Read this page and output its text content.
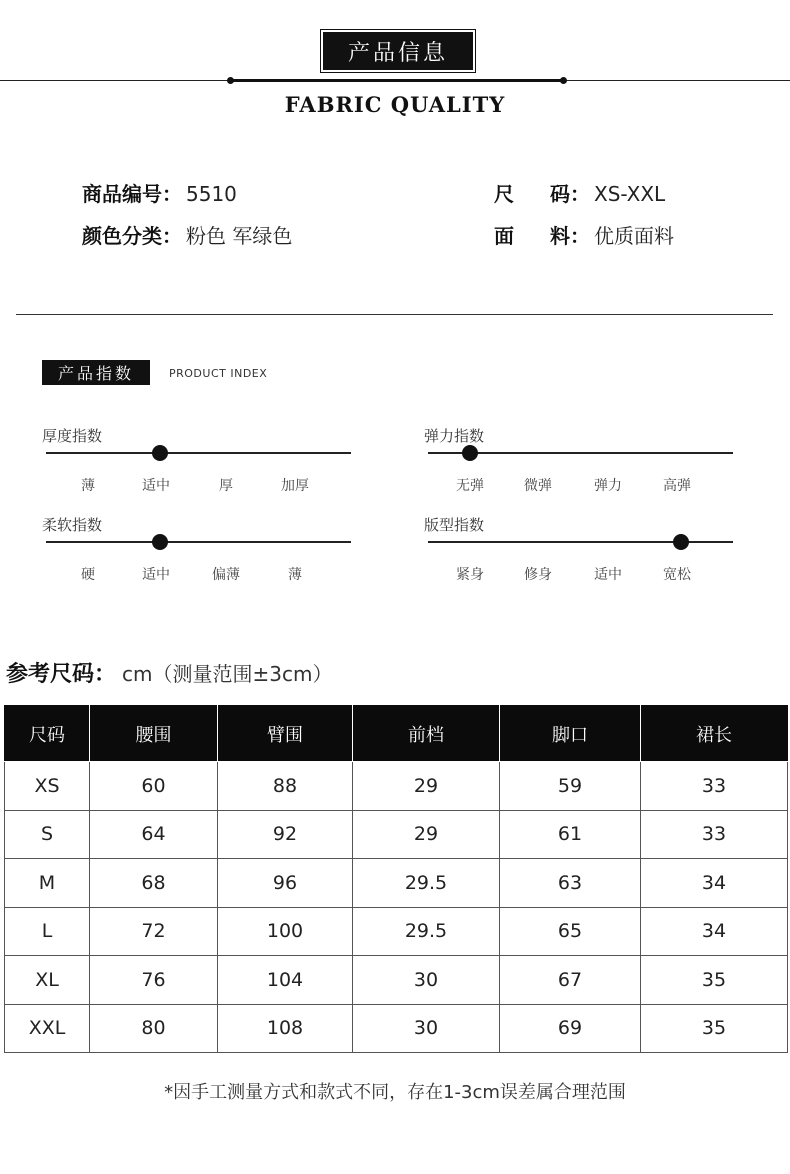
产品信息
FABRIC QUALITY
商品编号： 5510
颜色分类： 粉色 军绿色
尺 码 ： XS-XXL
面 料 ： 优质面料
产品指数	PRODUCT INDEX
厚度指数
薄	适中	厚	加厚
弹力指数
无弹	微弹	弹力	高弹
柔软指数
硬	适中	偏薄	薄
版型指数
紧身	修身	适中	宽松
参考尺码： cm（测量范围±3cm）
尺码	腰围	臂围	前档	脚口	裙长
XS	60	88	29	59	33
S	64	92	29	61	33
M	68	96	29.5	63	34
L	72	100	29.5	65	34
XL	76	104	30	67	35
XXL	80	108	30	69	35
*因手工测量方式和款式不同，存在1-3cm误差属合理范围
